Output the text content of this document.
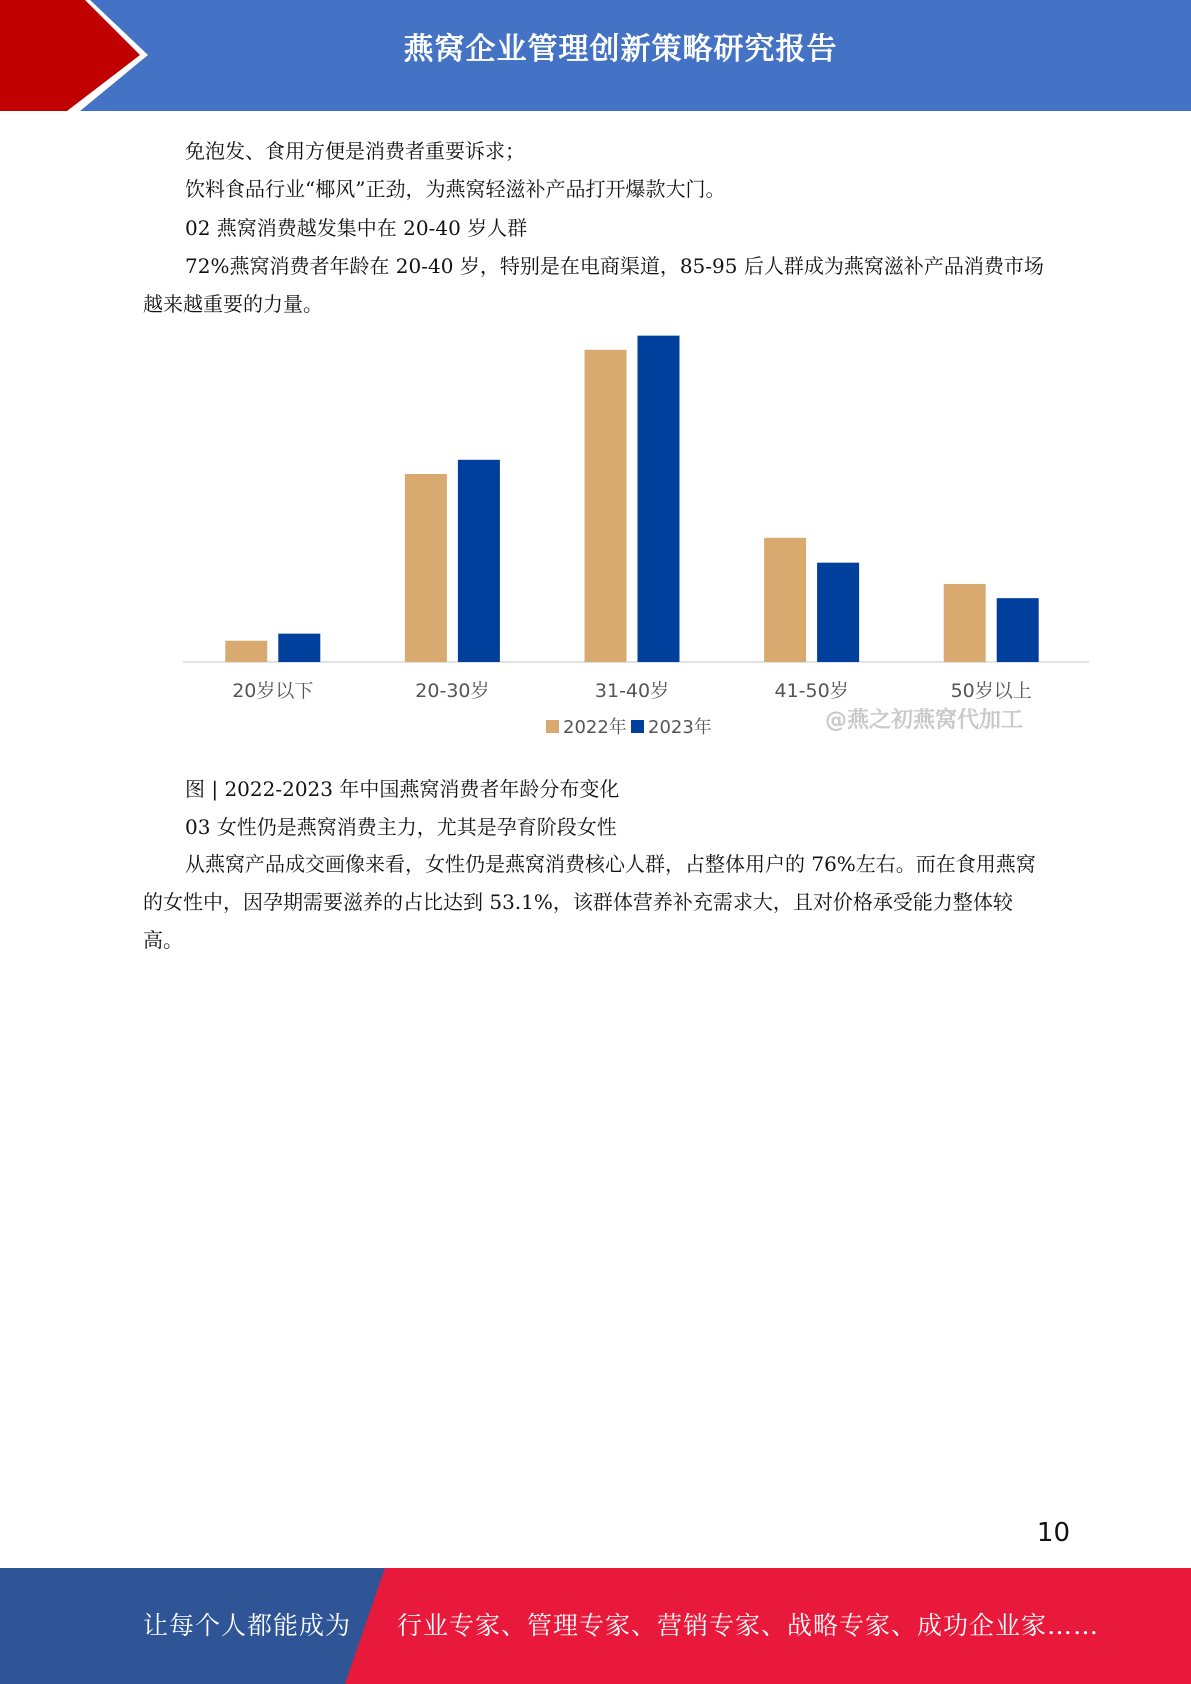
燕窝企业管理创新策略研究报告

免泡发、食用方便是消费者重要诉求；

饮料食品行业“椰风”正劲，为燕窝轻滋补产品打开爆款大门。

02 燕窝消费越发集中在 20-40 岁人群

72%燕窝消费者年龄在 20-40 岁，特别是在电商渠道，85-95 后人群成为燕窝滋补产品消费市场越来越重要的力量。

20岁以下	20-30岁	31-40岁	41-50岁	50岁以上
2022年 2023年	@燕之初燕窝代加工

图 | 2022-2023 年中国燕窝消费者年龄分布变化

03 女性仍是燕窝消费主力，尤其是孕育阶段女性

从燕窝产品成交画像来看，女性仍是燕窝消费核心人群，占整体用户的 76%左右。而在食用燕窝的女性中，因孕期需要滋养的占比达到 53.1%，该群体营养补充需求大，且对价格承受能力整体较高。

10
让每个人都能成为 行业专家、管理专家、营销专家、战略专家、成功企业家……
